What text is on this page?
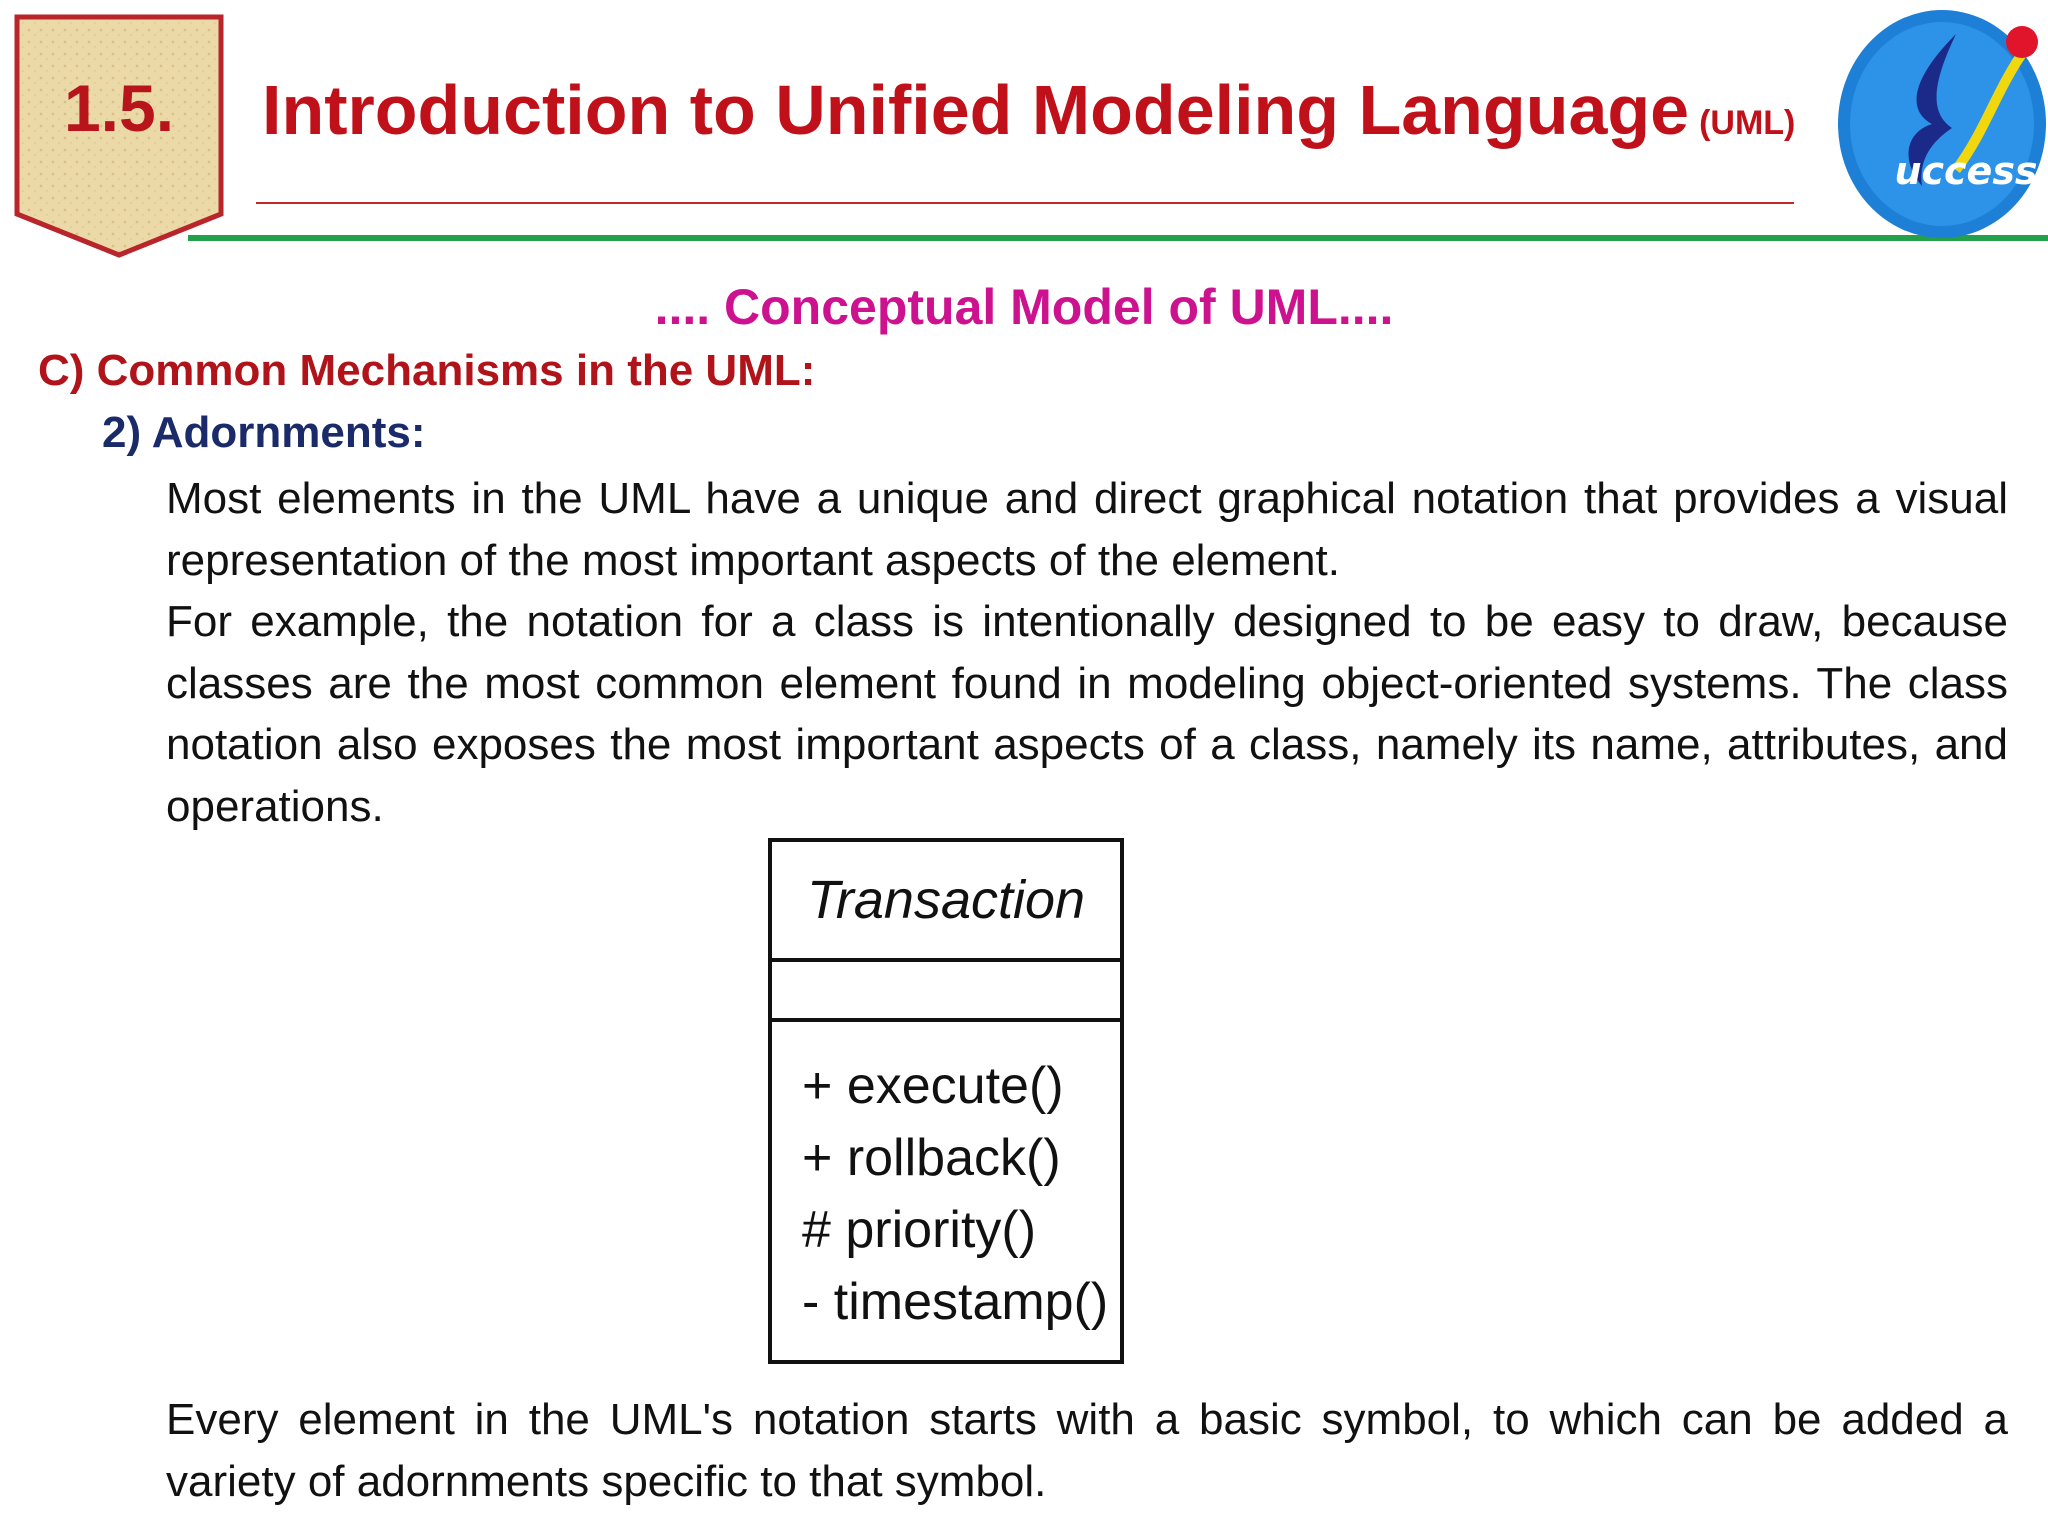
1.5.	Introduction to Unified Modeling Language (UML)
uccess
.... Conceptual Model of UML....
C) Common Mechanisms in the UML:
2) Adornments:
Most elements in the UML have a unique and direct graphical notation that provides a visual representation of the most important aspects of the element.
For example, the notation for a class is intentionally designed to be easy to draw, because classes are the most common element found in modeling object-oriented systems. The class notation also exposes the most important aspects of a class, namely its name, attributes, and operations.
Transaction
+ execute()
+ rollback()
# priority()
- timestamp()
Every element in the UML's notation starts with a basic symbol, to which can be added a variety of adornments specific to that symbol.
